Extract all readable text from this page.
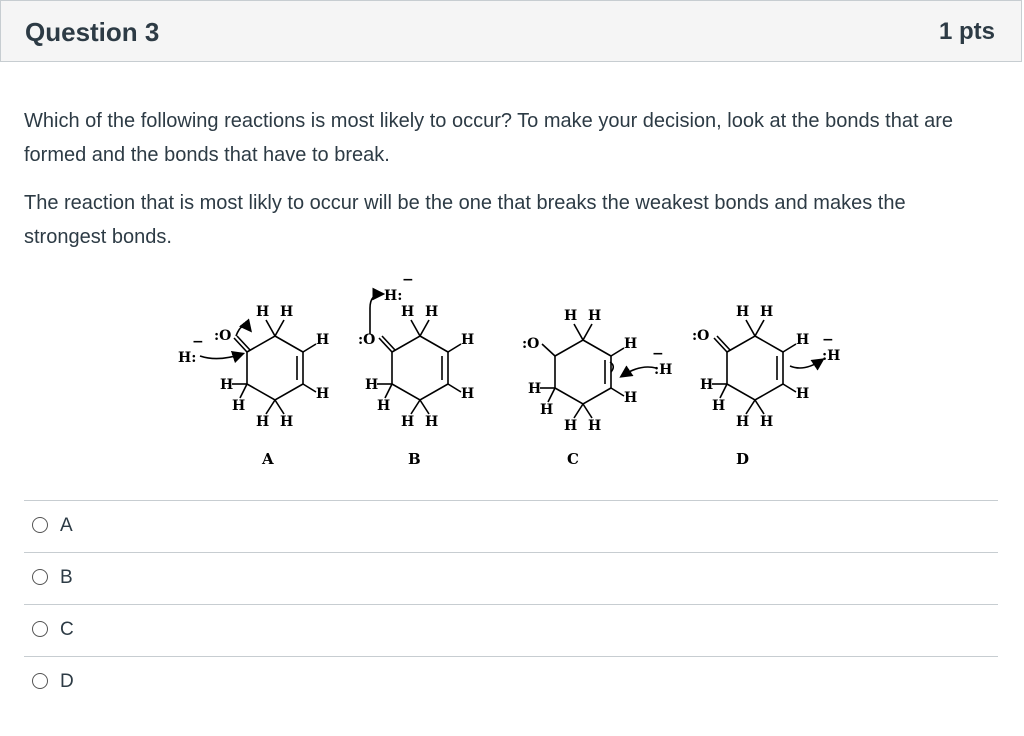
Question 3	1 pts

Which of the following reactions is most likely to occur? To make your decision, look at the bonds that are formed and the bonds that have to break.

The reaction that is most likly to occur will be the one that breaks the weakest bonds and makes the strongest bonds.

H H
H
H
H H
H
H
:O
H:
−
A
H H
H
H
H H
H
H
:O
H:
−
B
H H
H
H
H H
H
H
:O
:H
−
C
H H
H
H
H H
H
H
:O
:H
−
D
A
B
C
D
